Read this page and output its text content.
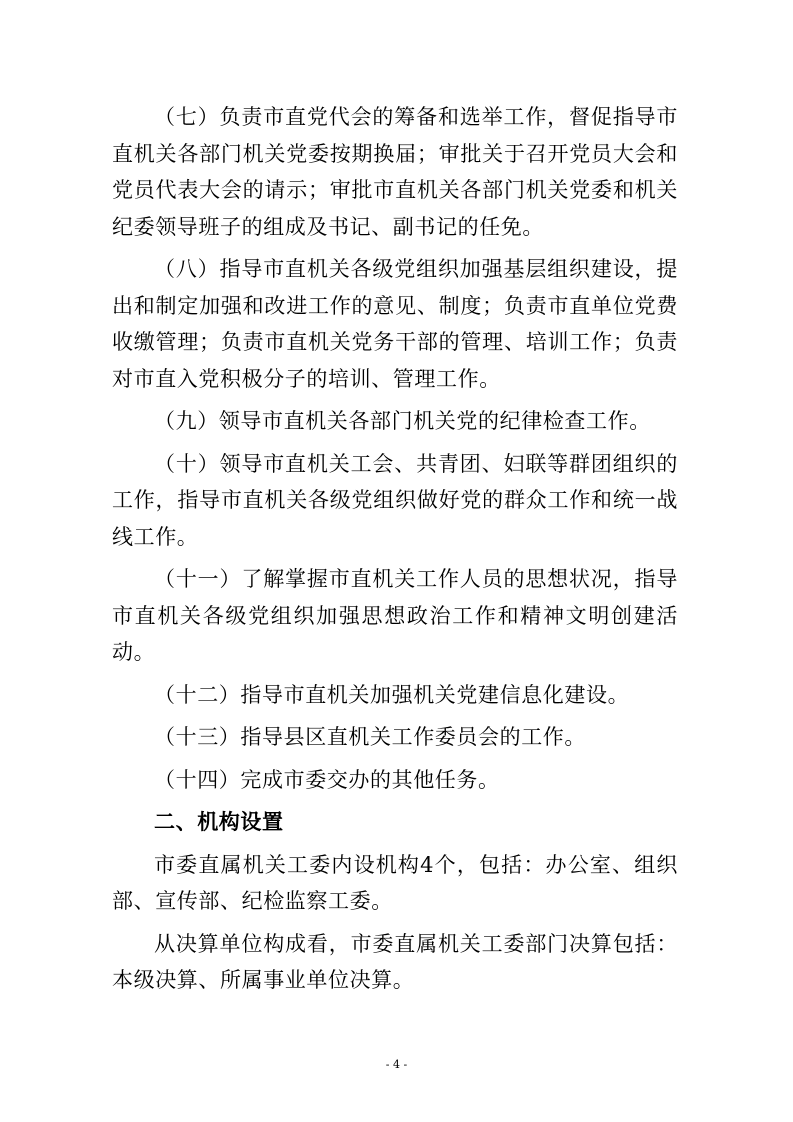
（七）负责市直党代会的筹备和选举工作，督促指导市直机关各部门机关党委按期换届；审批关于召开党员大会和党员代表大会的请示；审批市直机关各部门机关党委和机关纪委领导班子的组成及书记、副书记的任免。

（八）指导市直机关各级党组织加强基层组织建设，提出和制定加强和改进工作的意见、制度；负责市直单位党费收缴管理；负责市直机关党务干部的管理、培训工作；负责对市直入党积极分子的培训、管理工作。

（九）领导市直机关各部门机关党的纪律检查工作。

（十）领导市直机关工会、共青团、妇联等群团组织的工作，指导市直机关各级党组织做好党的群众工作和统一战线工作。

（十一）了解掌握市直机关工作人员的思想状况，指导市直机关各级党组织加强思想政治工作和精神文明创建活动。

（十二）指导市直机关加强机关党建信息化建设。

（十三）指导县区直机关工作委员会的工作。

（十四）完成市委交办的其他任务。

二、机构设置

市委直属机关工委内设机构4个，包括：办公室、组织部、宣传部、纪检监察工委。

从决算单位构成看，市委直属机关工委部门决算包括：本级决算、所属事业单位决算。

- 4 -
